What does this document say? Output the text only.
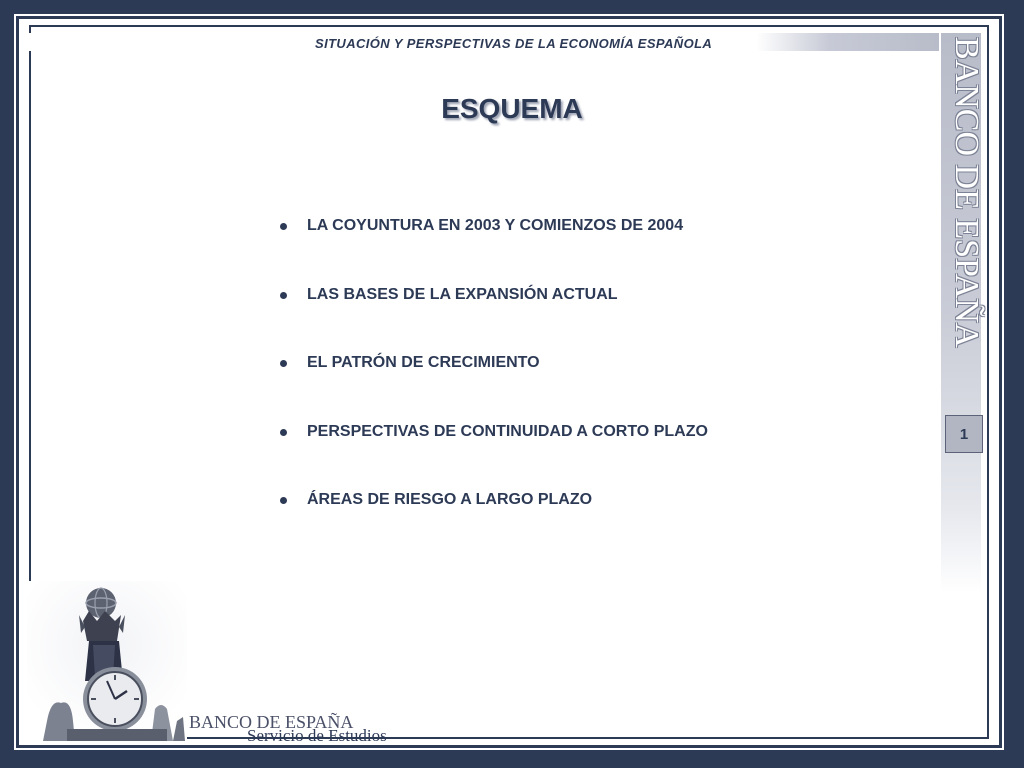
SITUACIÓN Y PERSPECTIVAS DE LA ECONOMÍA ESPAÑOLA
ESQUEMA
LA COYUNTURA EN 2003 Y COMIENZOS DE 2004
LAS BASES DE LA EXPANSIÓN ACTUAL
EL PATRÓN DE CRECIMIENTO
PERSPECTIVAS DE CONTINUIDAD A CORTO PLAZO
ÁREAS DE RIESGO A LARGO PLAZO
BANCO DE ESPAÑA
1
BANCO DE ESPAÑA
Servicio de Estudios
